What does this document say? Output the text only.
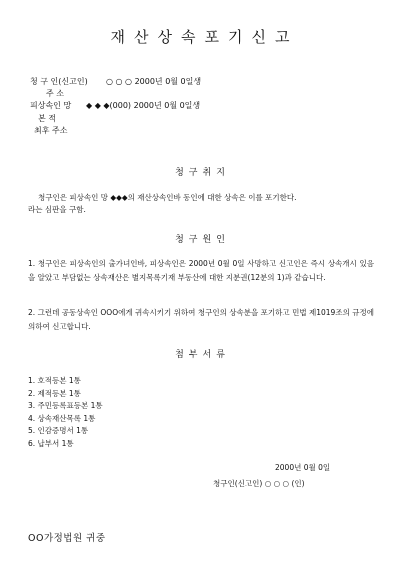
재산상속포기신고
청 구 인(신고인) ○ ○ ○ 2000년 0월 0일생
주 소
피상속인 망 ◆ ◆ ◆(000) 2000년 0월 0일생
본 적
최후 주소
청구취지
청구인은 피상속인 망 ◆◆◆의 재산상속인바 동인에 대한 상속은 이를 포기한다.
라는 심판을 구함.
청구원인
1. 청구인은 피상속인의 출가녀인바, 피상속인은 2000년 0월 0일 사망하고 신고인은 즉시 상속개시 있음을 알았고 부담없는 상속재산은 별지목록기재 부동산에 대한 지분권(12분의 1)과 같습니다.
2. 그런데 공동상속인 OOO에게 귀속시키기 위하여 청구인의 상속분을 포기하고 민법 제1019조의 규정에 의하여 신고합니다.
첨부서류
1. 호적등본 1통
2. 제적등본 1통
3. 주민등록표등본 1통
4. 상속재산목록 1통
5. 인감증명서 1통
6. 납부서 1통
2000년 0월 0일
청구인(신고인) ○ ○ ○ (인)
OO가정법원 귀중
